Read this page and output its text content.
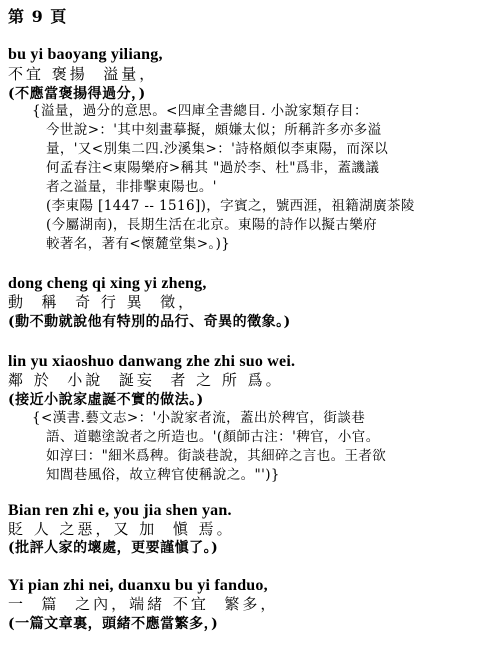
第 9 頁
bu yi baoyang yiliang,
不宜 褒揚  溢量，
(不應當褒揚得過分，)
{溢量，過分的意思。<四庫全書總目. 小說家類存目：
今世說>：'其中刻畫摹擬，頗嫌太似；所稱許多亦多溢
量，'又<別集二四.沙溪集>：'詩格頗似李東陽，而深以
何孟春注<東陽樂府>稱其 "過於李、杜"爲非，蓋譏議
者之溢量，非排擊東陽也。'
(李東陽 [1447 -- 1516])，字賓之，號西涯，祖籍湖廣茶陵
(今屬湖南)，長期生活在北京。東陽的詩作以擬古樂府
較著名，著有<懷麓堂集>。)}
dong cheng qi xing yi zheng,
動  稱  奇 行 異  徵，
(動不動就說他有特別的品行、奇異的徵象。)
lin yu xiaoshuo danwang zhe zhi suo wei.
鄰 於  小說  誕妄  者 之 所 爲。
(接近小說家虛誕不實的做法。)
{<漢書.藝文志>：'小說家者流，蓋出於稗官，街談巷
語、道聽塗說者之所造也。'(顏師古注：'稗官，小官。
如淳曰："細米爲稗。街談巷說，其細碎之言也。王者欲
知閭巷風俗，故立稗官使稱說之。"')}
Bian ren zhi e, you jia shen yan.
貶 人 之惡，又 加  愼 焉。
(批評人家的壞處，更要謹愼了。)
Yi pian zhi nei, duanxu bu yi fanduo,
一  篇  之內，端緒 不宜  繁多，
(一篇文章裏，頭緒不應當繁多，)
